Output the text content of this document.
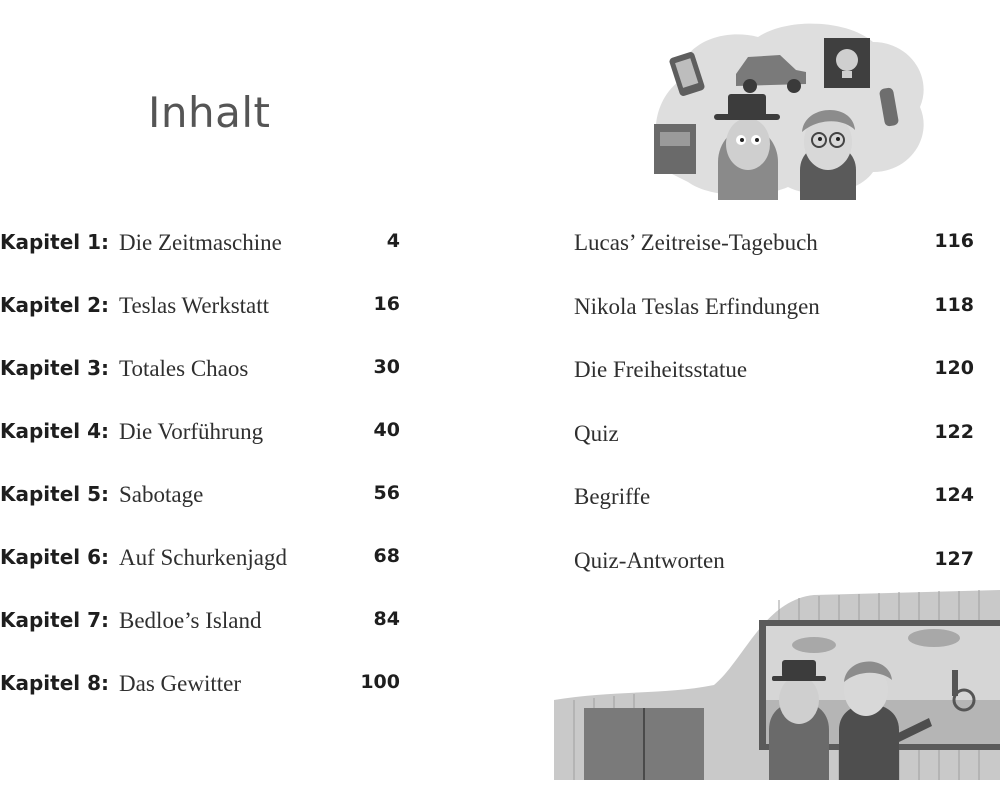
Inhalt
Kapitel 1: Die Zeitmaschine	4
Kapitel 2: Teslas Werkstatt	16
Kapitel 3: Totales Chaos	30
Kapitel 4: Die Vorführung	40
Kapitel 5: Sabotage	56
Kapitel 6: Auf Schurkenjagd	68
Kapitel 7: Bedloe’s Island	84
Kapitel 8: Das Gewitter	100
Lucas’ Zeitreise-Tagebuch	116
Nikola Teslas Erfindungen	118
Die Freiheitsstatue	120
Quiz	122
Begriffe	124
Quiz-Antworten	127
